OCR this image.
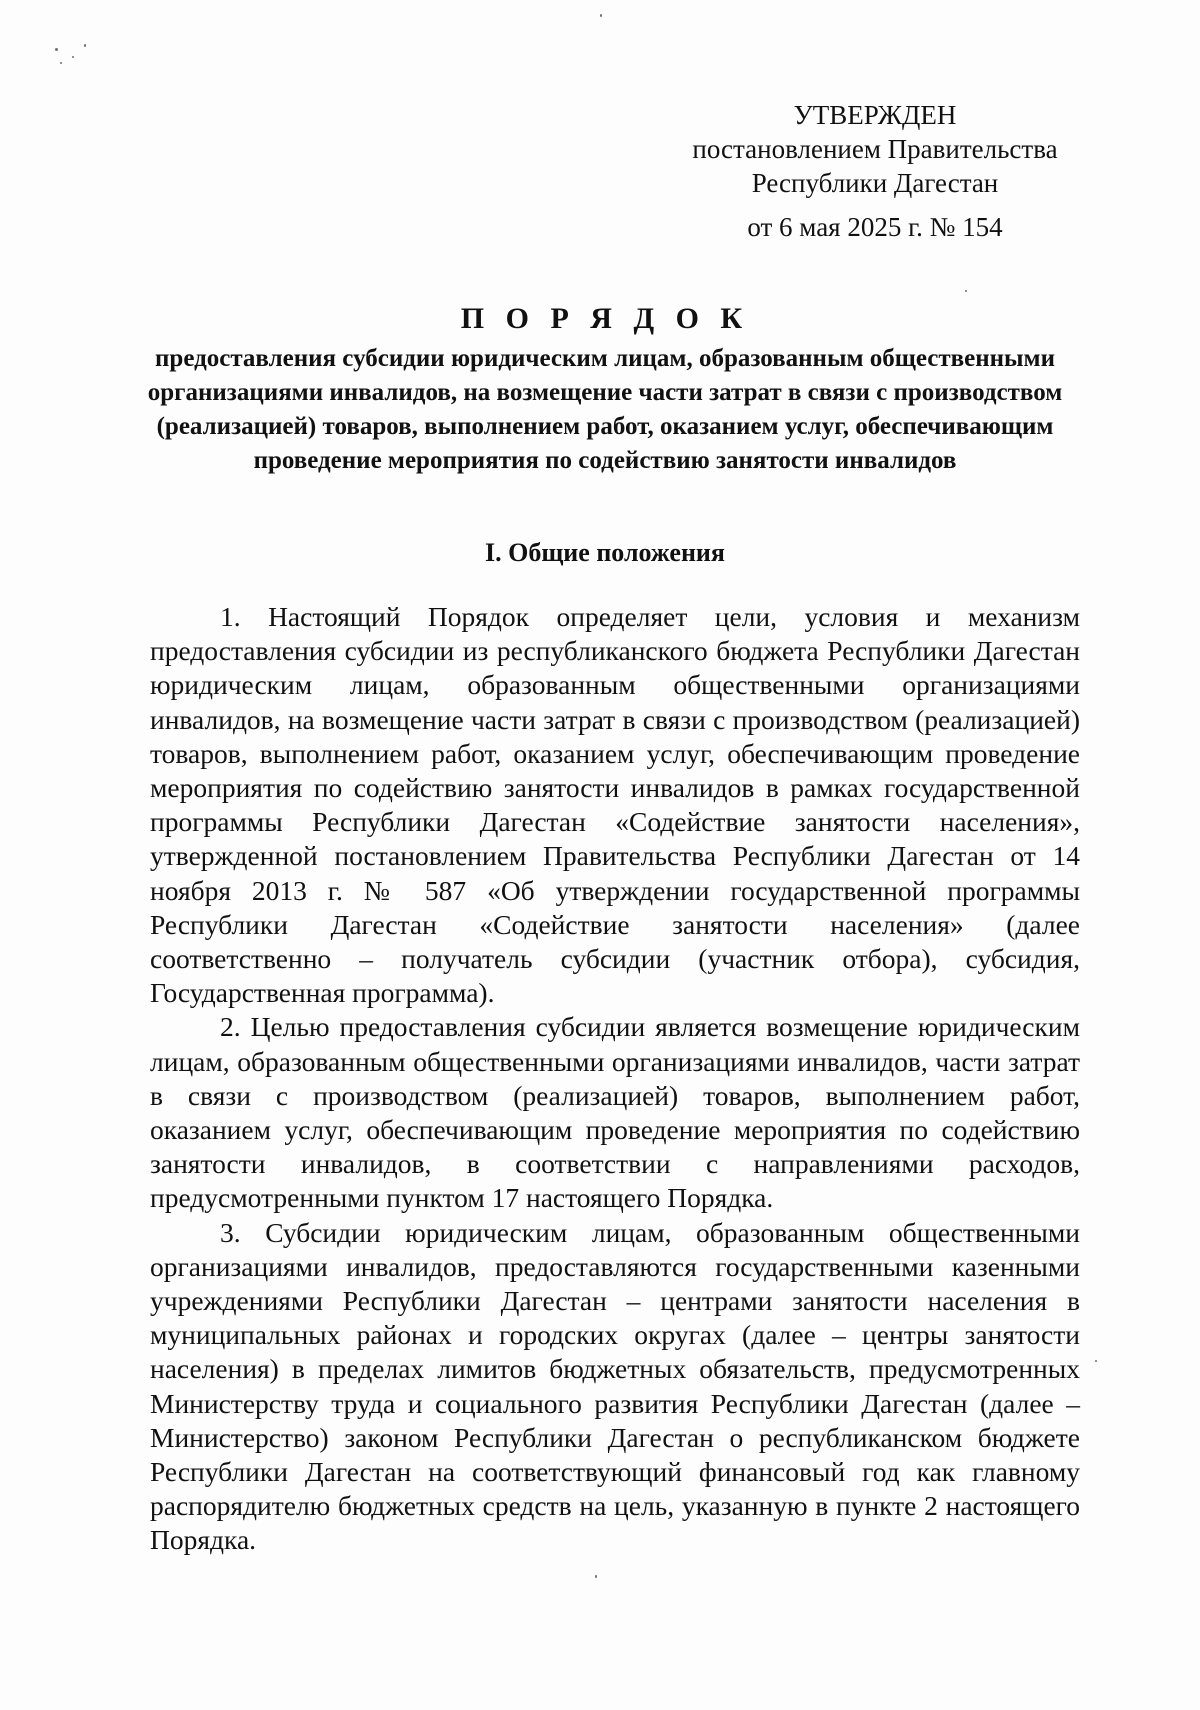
УТВЕРЖДЕН
постановлением Правительства
Республики Дагестан
от 6 мая 2025 г. № 154

П О Р Я Д О К

предоставления субсидии юридическим лицам, образованным общественными организациями инвалидов, на возмещение части затрат в связи с производством (реализацией) товаров, выполнением работ, оказанием услуг, обеспечивающим проведение мероприятия по содействию занятости инвалидов

I. Общие положения

1. Настоящий Порядок определяет цели, условия и механизм предоставления субсидии из республиканского бюджета Республики Дагестан юридическим лицам, образованным общественными организациями инвалидов, на возмещение части затрат в связи с производством (реализацией) товаров, выполнением работ, оказанием услуг, обеспечивающим проведение мероприятия по содействию занятости инвалидов в рамках государственной программы Республики Дагестан «Содействие занятости населения», утвержденной постановлением Правительства Республики Дагестан от 14 ноября 2013 г. № 587 «Об утверждении государственной программы Республики Дагестан «Содействие занятости населения» (далее соответственно – получатель субсидии (участник отбора), субсидия, Государственная программа).

2. Целью предоставления субсидии является возмещение юридическим лицам, образованным общественными организациями инвалидов, части затрат в связи с производством (реализацией) товаров, выполнением работ, оказанием услуг, обеспечивающим проведение мероприятия по содействию занятости инвалидов, в соответствии с направлениями расходов, предусмотренными пунктом 17 настоящего Порядка.

3. Субсидии юридическим лицам, образованным общественными организациями инвалидов, предоставляются государственными казенными учреждениями Республики Дагестан – центрами занятости населения в муниципальных районах и городских округах (далее – центры занятости населения) в пределах лимитов бюджетных обязательств, предусмотренных Министерству труда и социального развития Республики Дагестан (далее – Министерство) законом Республики Дагестан о республиканском бюджете Республики Дагестан на соответствующий финансовый год как главному распорядителю бюджетных средств на цель, указанную в пункте 2 настоящего Порядка.
